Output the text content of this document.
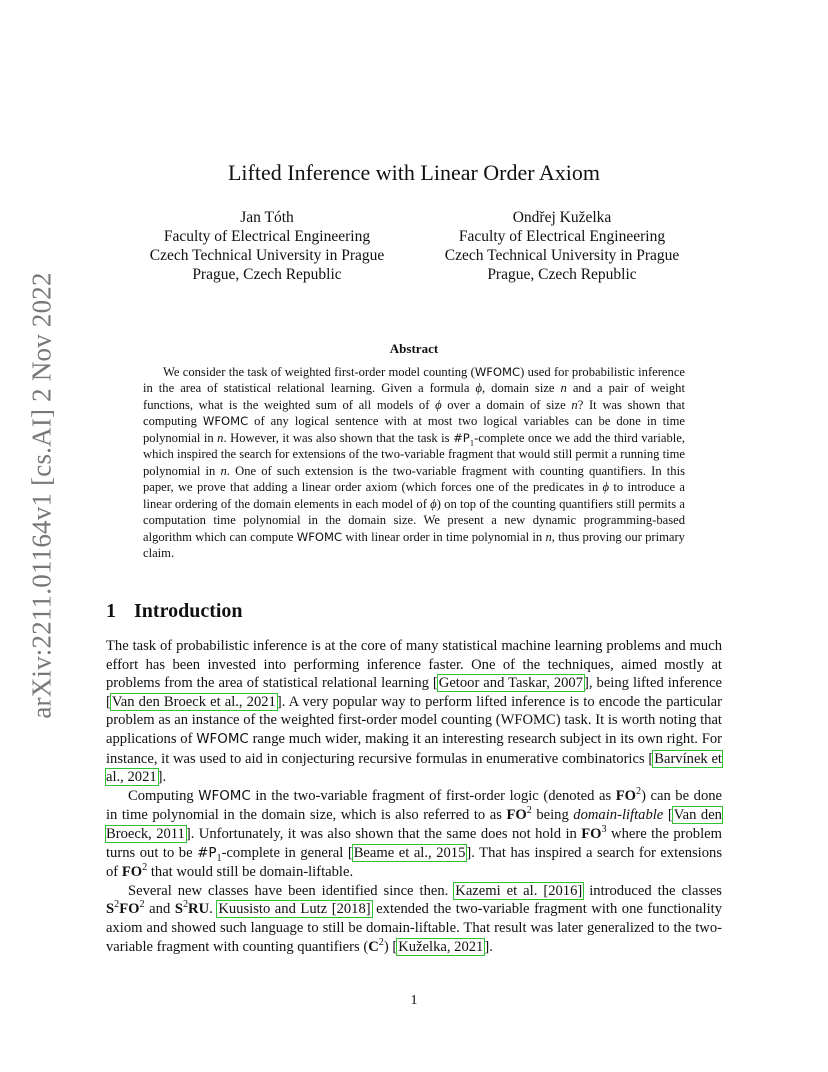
arXiv:2211.01164v1 [cs.AI] 2 Nov 2022
Lifted Inference with Linear Order Axiom
Jan Tóth
Faculty of Electrical Engineering
Czech Technical University in Prague
Prague, Czech Republic
Ondřej Kuželka
Faculty of Electrical Engineering
Czech Technical University in Prague
Prague, Czech Republic
Abstract

We consider the task of weighted first-order model counting (WFOMC) used for probabilistic inference in the area of statistical relational learning. Given a formula ϕ, domain size n and a pair of weight functions, what is the weighted sum of all models of ϕ over a domain of size n? It was shown that computing WFOMC of any logical sentence with at most two logical variables can be done in time polynomial in n. However, it was also shown that the task is $\#P_1$-complete once we add the third variable, which inspired the search for extensions of the two-variable fragment that would still permit a running time polynomial in n. One of such extension is the two-variable fragment with counting quantifiers. In this paper, we prove that adding a linear order axiom (which forces one of the predicates in ϕ to introduce a linear ordering of the domain elements in each model of ϕ) on top of the counting quantifiers still permits a computation time polynomial in the domain size. We present a new dynamic programming-based algorithm which can compute WFOMC with linear order in time polynomial in n, thus proving our primary claim.

1 Introduction

The task of probabilistic inference is at the core of many statistical machine learning problems and much effort has been invested into performing inference faster. One of the techniques, aimed mostly at problems from the area of statistical relational learning [Getoor and Taskar, 2007], being lifted inference [Van den Broeck et al., 2021]. A very popular way to perform lifted inference is to encode the particular problem as an instance of the weighted first-order model counting (WFOMC) task. It is worth noting that applications of WFOMC range much wider, making it an interesting research subject in its own right. For instance, it was used to aid in conjecturing recursive formulas in enumerative combinatorics [Barvínek et al., 2021].

Computing WFOMC in the two-variable fragment of first-order logic (denoted as $FO^2$) can be done in time polynomial in the domain size, which is also referred to as $FO^2$ being domain-liftable [Van den Broeck, 2011]. Unfortunately, it was also shown that the same does not hold in $FO^3$ where the problem turns out to be $\#P_1$-complete in general [Beame et al., 2015]. That has inspired a search for extensions of $FO^2$ that would still be domain-liftable.

Several new classes have been identified since then. Kazemi et al. [2016] introduced the classes $S^2FO^2$ and $S^2RU$. Kuusisto and Lutz [2018] extended the two-variable fragment with one functionality axiom and showed such language to still be domain-liftable. That result was later generalized to the two-variable fragment with counting quantifiers $(C^2)$ [Kuželka, 2021].

1
